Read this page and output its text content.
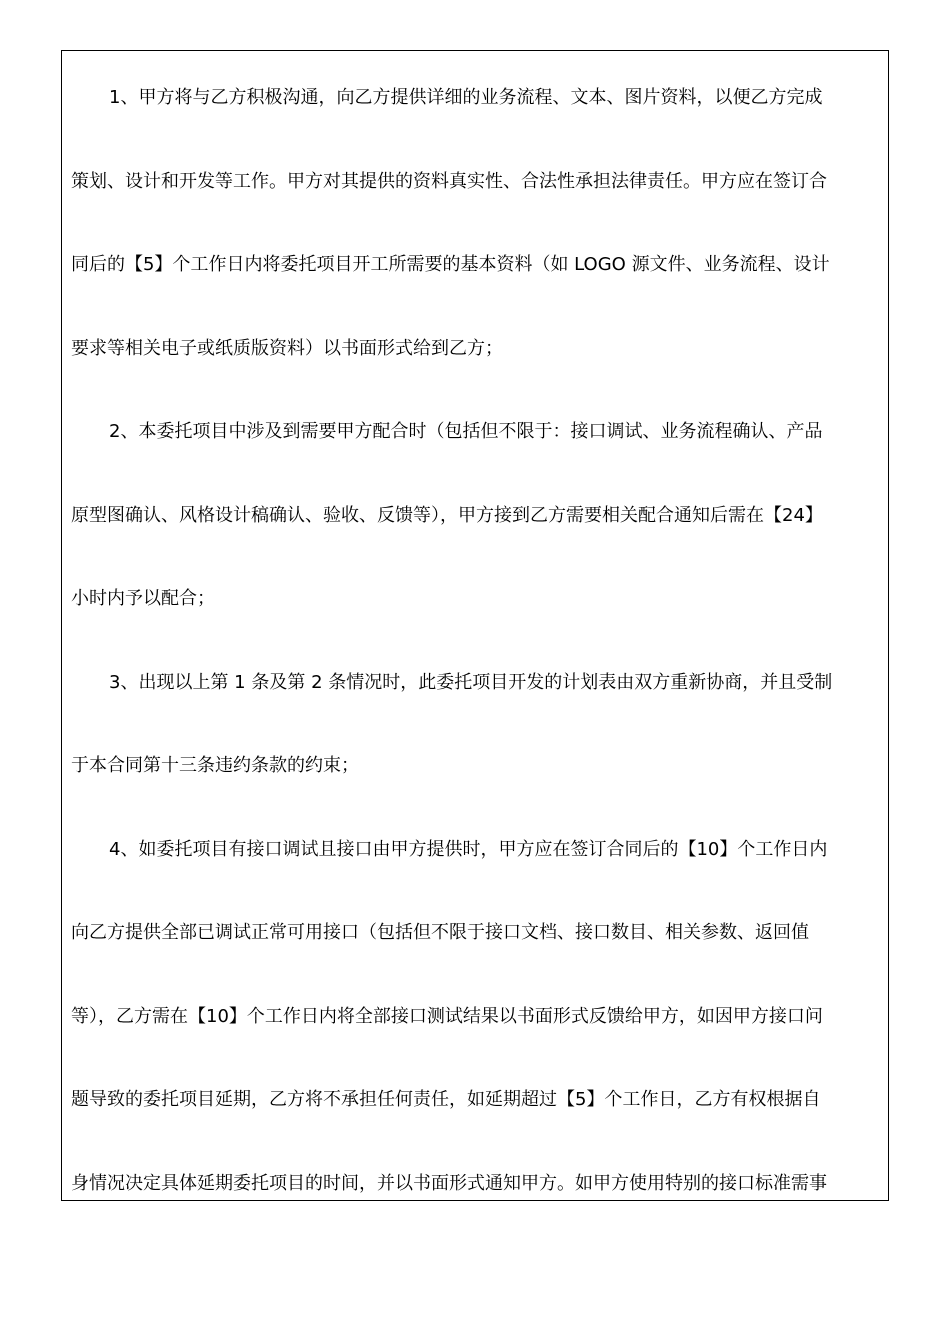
1、甲方将与乙方积极沟通，向乙方提供详细的业务流程、文本、图片资料，以便乙方完成
策划、设计和开发等工作。甲方对其提供的资料真实性、合法性承担法律责任。甲方应在签订合
同后的【5】个工作日内将委托项目开工所需要的基本资料（如 LOGO 源文件、业务流程、设计
要求等相关电子或纸质版资料）以书面形式给到乙方；
2、本委托项目中涉及到需要甲方配合时（包括但不限于：接口调试、业务流程确认、产品
原型图确认、风格设计稿确认、验收、反馈等），甲方接到乙方需要相关配合通知后需在【24】
小时内予以配合；
3、出现以上第 1 条及第 2 条情况时，此委托项目开发的计划表由双方重新协商，并且受制
于本合同第十三条违约条款的约束；
4、如委托项目有接口调试且接口由甲方提供时，甲方应在签订合同后的【10】个工作日内
向乙方提供全部已调试正常可用接口（包括但不限于接口文档、接口数目、相关参数、返回值
等），乙方需在【10】个工作日内将全部接口测试结果以书面形式反馈给甲方，如因甲方接口问
题导致的委托项目延期，乙方将不承担任何责任，如延期超过【5】个工作日，乙方有权根据自
身情况决定具体延期委托项目的时间，并以书面形式通知甲方。如甲方使用特别的接口标准需事
